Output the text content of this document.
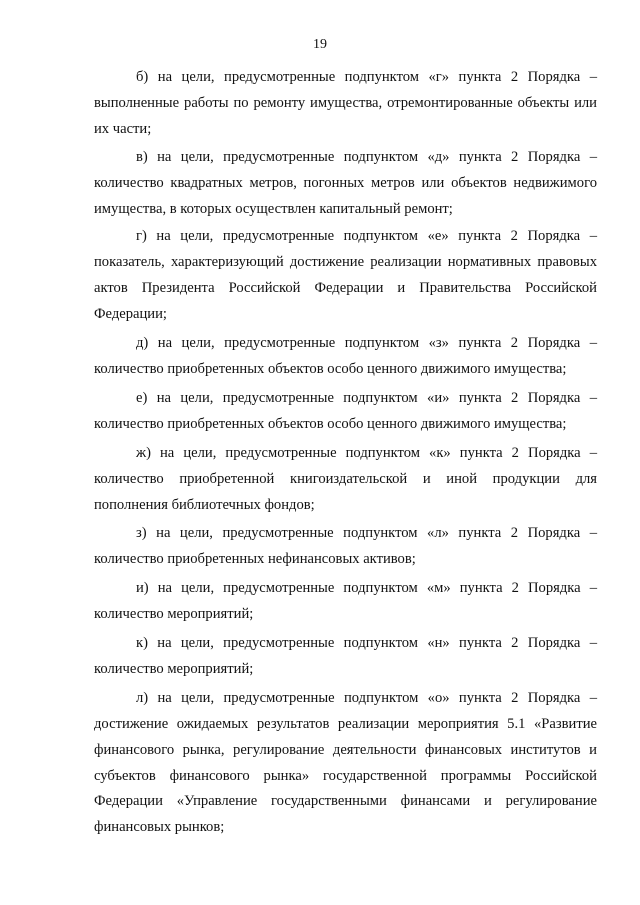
19

б) на цели, предусмотренные подпунктом «г» пункта 2 Порядка – выполненные работы по ремонту имущества, отремонтированные объекты или их части;

в) на цели, предусмотренные подпунктом «д» пункта 2 Порядка – количество квадратных метров, погонных метров или объектов недвижимого имущества, в которых осуществлен капитальный ремонт;

г) на цели, предусмотренные подпунктом «е» пункта 2 Порядка – показатель, характеризующий достижение реализации нормативных правовых актов Президента Российской Федерации и Правительства Российской Федерации;

д) на цели, предусмотренные подпунктом «з» пункта 2 Порядка – количество приобретенных объектов особо ценного движимого имущества;

е) на цели, предусмотренные подпунктом «и» пункта 2 Порядка – количество приобретенных объектов особо ценного движимого имущества;

ж) на цели, предусмотренные подпунктом «к» пункта 2 Порядка – количество приобретенной книгоиздательской и иной продукции для пополнения библиотечных фондов;

з) на цели, предусмотренные подпунктом «л» пункта 2 Порядка – количество приобретенных нефинансовых активов;

и) на цели, предусмотренные подпунктом «м» пункта 2 Порядка – количество мероприятий;

к) на цели, предусмотренные подпунктом «н» пункта 2 Порядка – количество мероприятий;

л) на цели, предусмотренные подпунктом «о» пункта 2 Порядка – достижение ожидаемых результатов реализации мероприятия 5.1 «Развитие финансового рынка, регулирование деятельности финансовых институтов и субъектов финансового рынка» государственной программы Российской Федерации «Управление государственными финансами и регулирование финансовых рынков;
